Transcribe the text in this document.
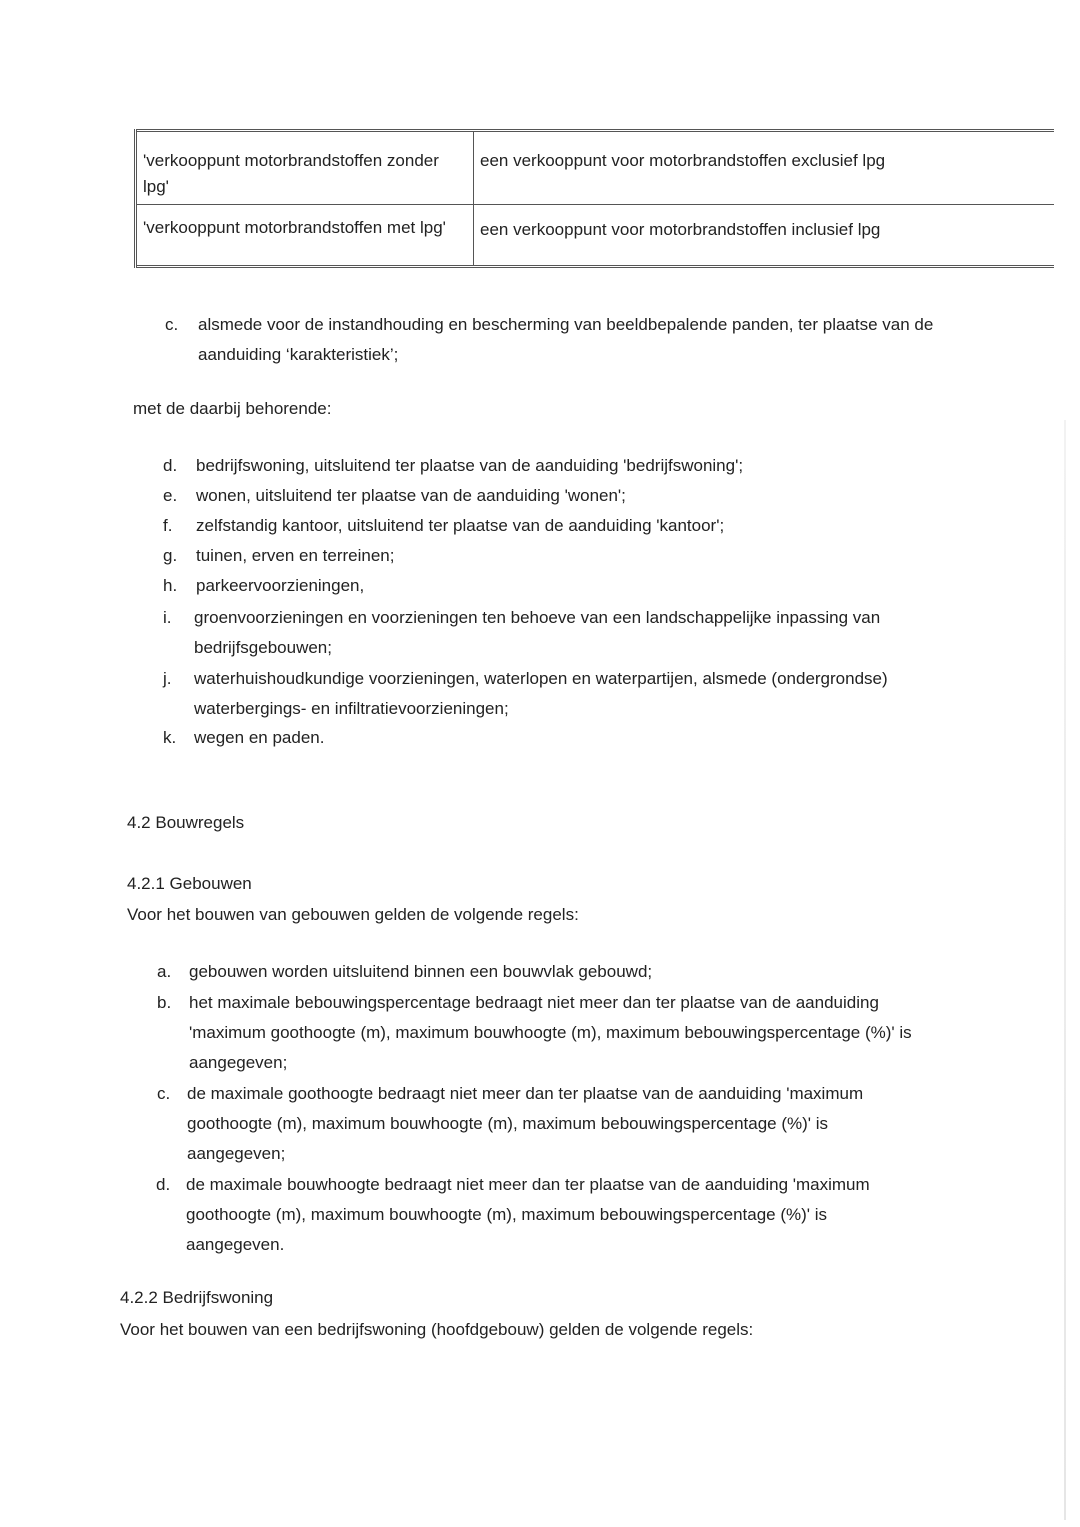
'verkooppunt motorbrandstoffen zonder lpg'	een verkooppunt voor motorbrandstoffen exclusief lpg
'verkooppunt motorbrandstoffen met lpg'	een verkooppunt voor motorbrandstoffen inclusief lpg
c. alsmede voor de instandhouding en bescherming van beeldbepalende panden, ter plaatse van de aanduiding ‘karakteristiek’;
met de daarbij behorende:
d. bedrijfswoning, uitsluitend ter plaatse van de aanduiding 'bedrijfswoning';
e. wonen, uitsluitend ter plaatse van de aanduiding 'wonen';
f. zelfstandig kantoor, uitsluitend ter plaatse van de aanduiding 'kantoor';
g. tuinen, erven en terreinen;
h. parkeervoorzieningen,
i. groenvoorzieningen en voorzieningen ten behoeve van een landschappelijke inpassing van bedrijfsgebouwen;
j. waterhuishoudkundige voorzieningen, waterlopen en waterpartijen, alsmede (ondergrondse) waterbergings- en infiltratievoorzieningen;
k. wegen en paden.
4.2 Bouwregels
4.2.1 Gebouwen
Voor het bouwen van gebouwen gelden de volgende regels:
a. gebouwen worden uitsluitend binnen een bouwvlak gebouwd;
b. het maximale bebouwingspercentage bedraagt niet meer dan ter plaatse van de aanduiding 'maximum goothoogte (m), maximum bouwhoogte (m), maximum bebouwingspercentage (%)' is aangegeven;
c. de maximale goothoogte bedraagt niet meer dan ter plaatse van de aanduiding 'maximum goothoogte (m), maximum bouwhoogte (m), maximum bebouwingspercentage (%)' is aangegeven;
d. de maximale bouwhoogte bedraagt niet meer dan ter plaatse van de aanduiding 'maximum goothoogte (m), maximum bouwhoogte (m), maximum bebouwingspercentage (%)' is aangegeven.
4.2.2 Bedrijfswoning
Voor het bouwen van een bedrijfswoning (hoofdgebouw) gelden de volgende regels:
